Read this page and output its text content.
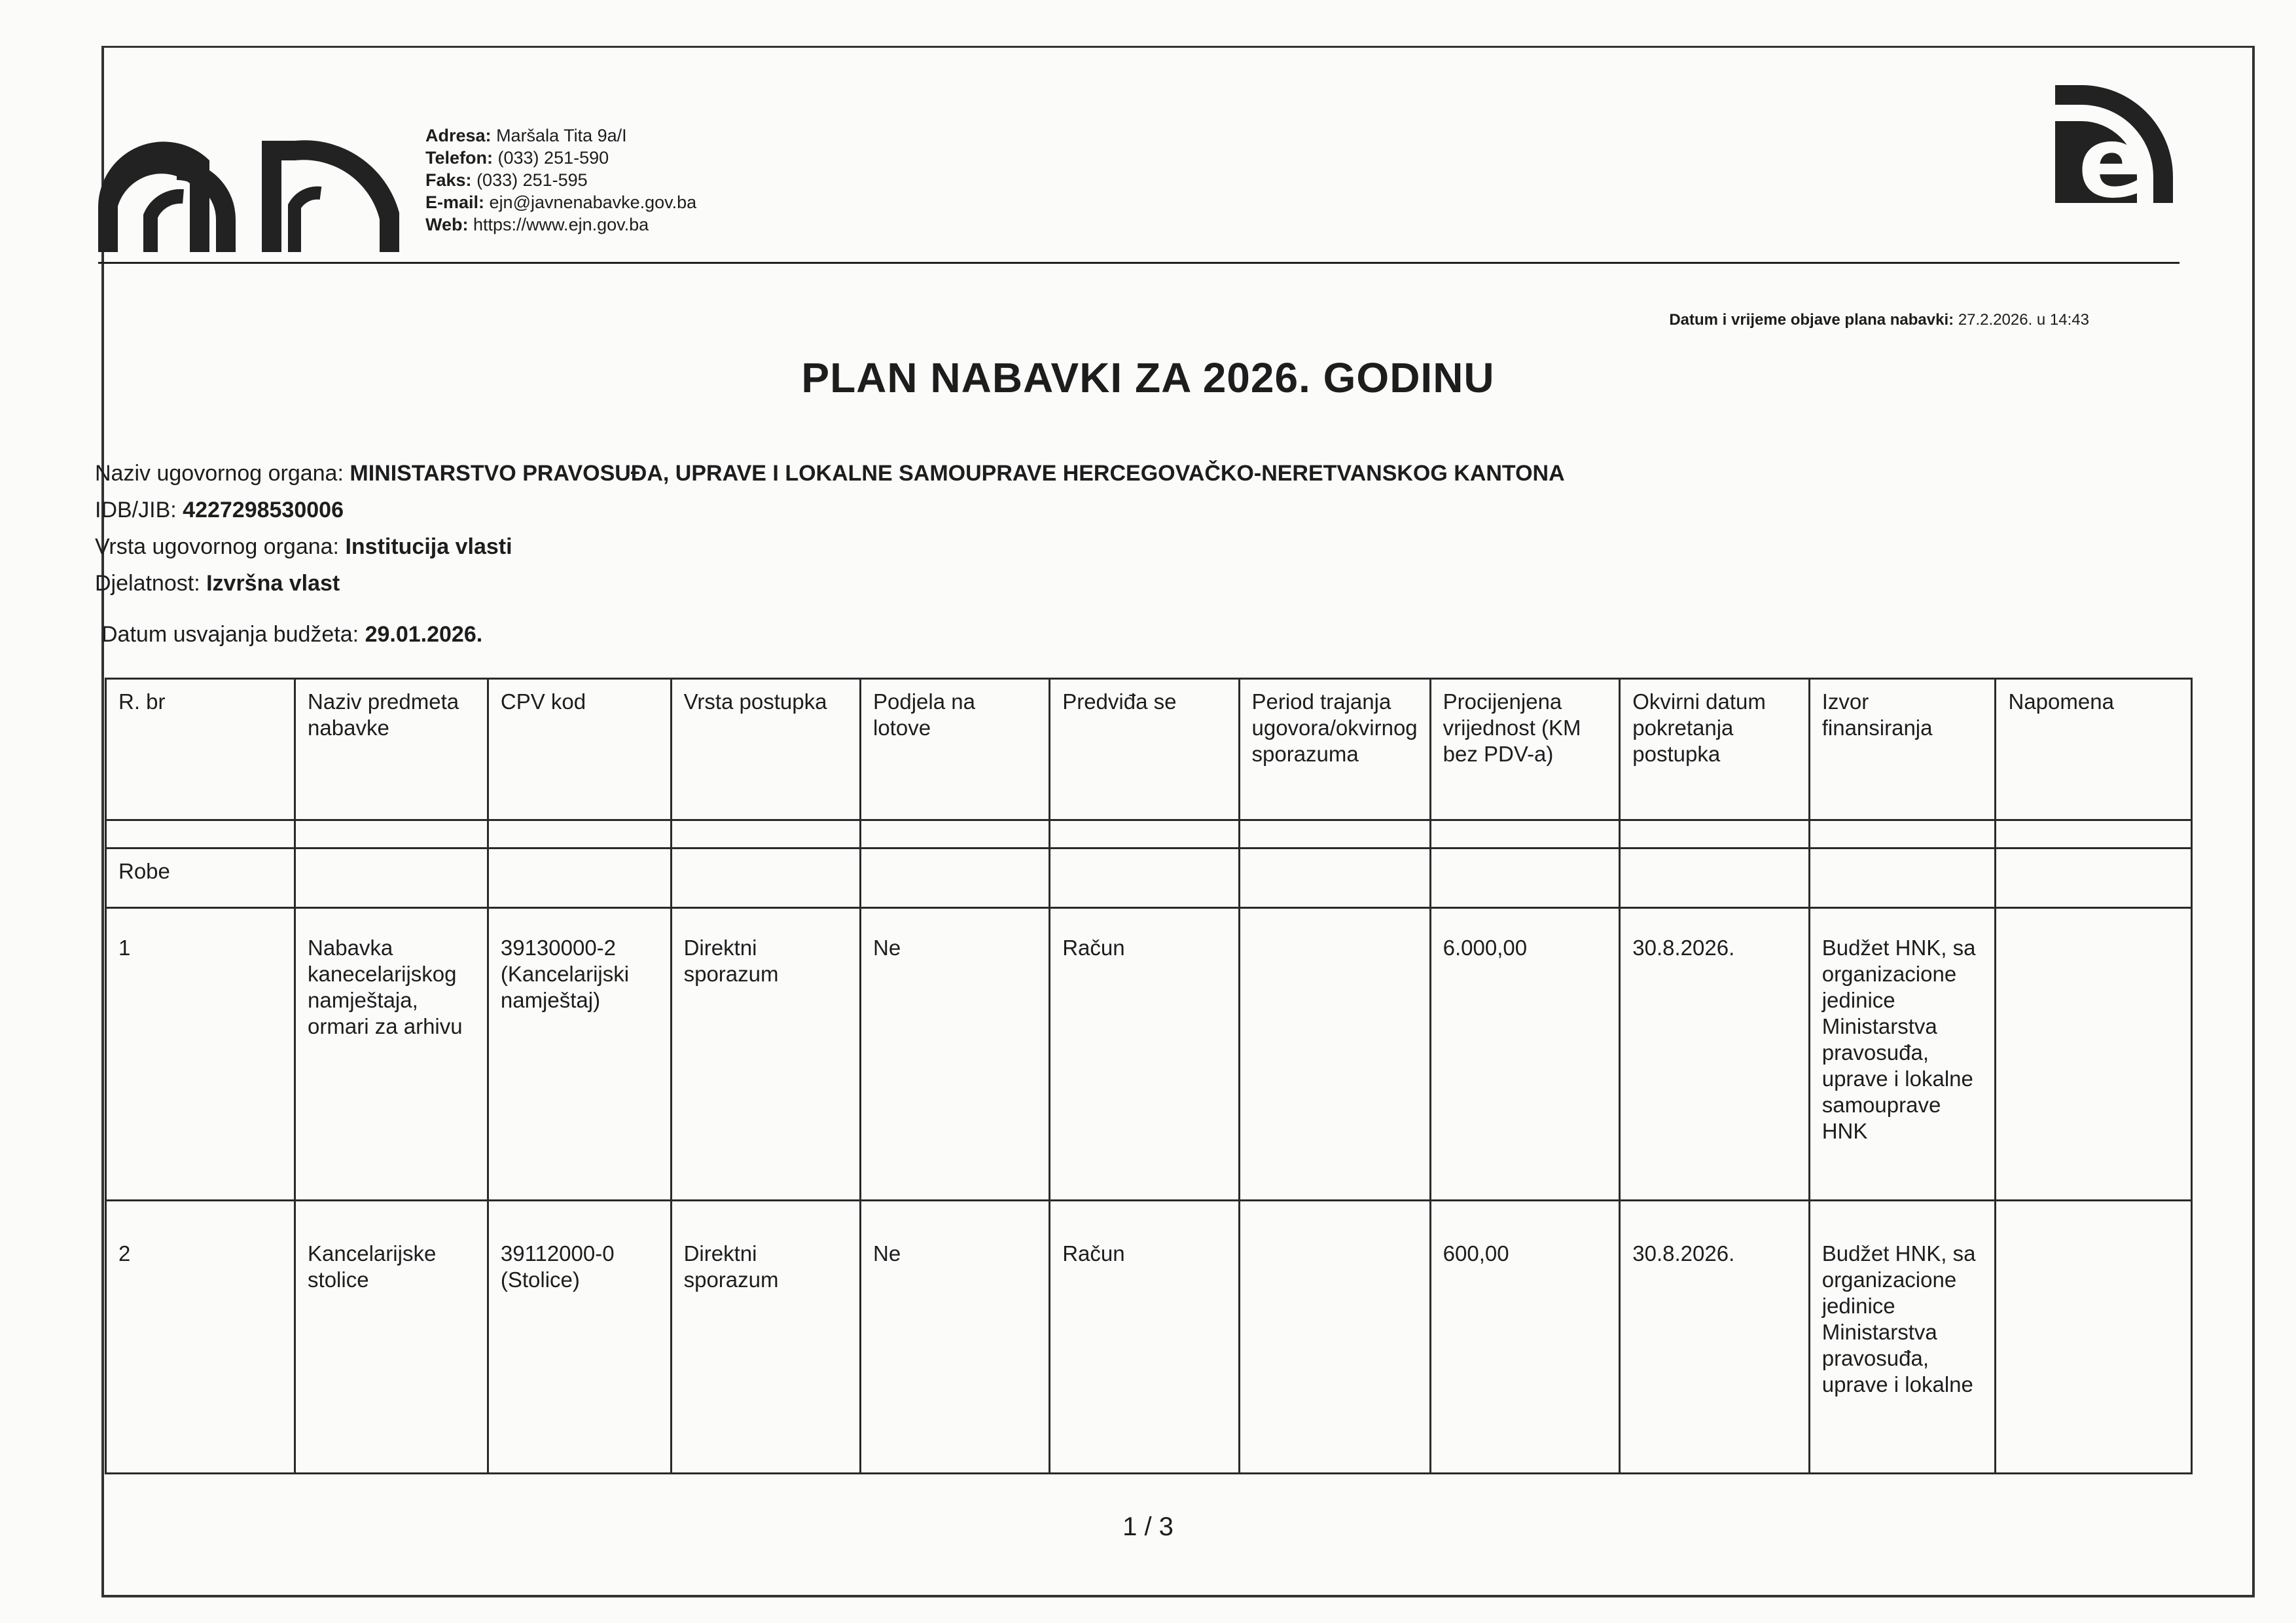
Adresa: Maršala Tita 9a/I
Telefon: (033) 251-590
Faks: (033) 251-595
E-mail: ejn@javnenabavke.gov.ba
Web: https://www.ejn.gov.ba
e
Datum i vrijeme objave plana nabavki: 27.2.2026. u 14:43
PLAN NABAVKI ZA 2026. GODINU
Naziv ugovornog organa: MINISTARSTVO PRAVOSUĐA, UPRAVE I LOKALNE SAMOUPRAVE HERCEGOVAČKO-NERETVANSKOG KANTONA
IDB/JIB: 4227298530006
Vrsta ugovornog organa: Institucija vlasti
Djelatnost: Izvršna vlast
Datum usvajanja budžeta: 29.01.2026.
R. br	Naziv predmeta nabavke	CPV kod	Vrsta postupka	Podjela na lotove	Predviđa se	Period trajanja ugovora/okvirnog sporazuma	Procijenjena vrijednost (KM bez PDV-a)	Okvirni datum pokretanja postupka	Izvor finansiranja	Napomena

Robe										
1	Nabavka kanecelarijskog namještaja, ormari za arhivu	39130000-2 (Kancelarijski namještaj)	Direktni sporazum	Ne	Račun		6.000,00	30.8.2026.	Budžet HNK, sa organizacione jedinice Ministarstva pravosuđa, uprave i lokalne samouprave HNK	
2	Kancelarijske stolice	39112000-0 (Stolice)	Direktni sporazum	Ne	Račun		600,00	30.8.2026.	Budžet HNK, sa organizacione jedinice Ministarstva pravosuđa, uprave i lokalne	
1 / 3
